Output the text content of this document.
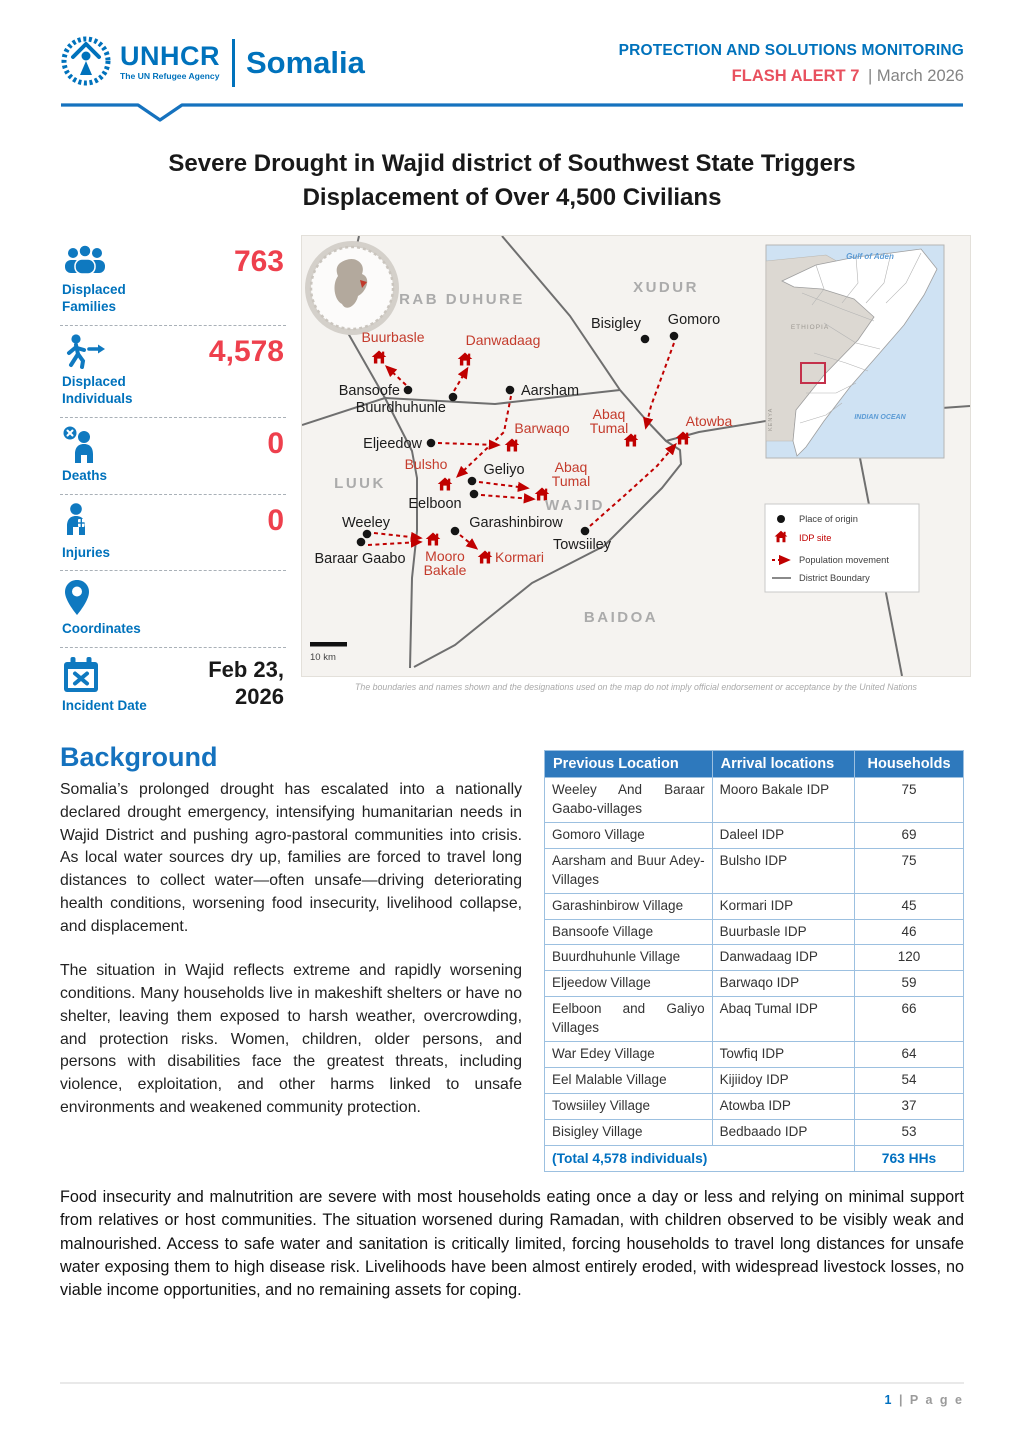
UNHCR
The UN Refugee Agency Somalia	PROTECTION AND SOLUTIONS MONITORING
FLASH ALERT 7 | March 2026
Severe Drought in Wajid district of Southwest State Triggers
Displacement of Over 4,500 Civilians
Displaced Families
763
Displaced Individuals
4,578
Deaths
0
Injuries
0
Coordinates
Incident Date
Feb 23, 2026
Bansoofe
Buurdhuhunle
Aarsham
Bisigley Gomoro
Eljeedow
Geliyo
Eelboon
Weeley
Baraar Gaabo
Garashinbirow
Towsiiley
Buurbasle	Danwadaag
Barwaqo
Abaq
Tumal	Atowba
Bulsho	Abaq
Tumal
Mooro
Bakale
Kormari
RAB DUHURE
XUDUR
LUUK
WAJID
BAIDOA
Gulf of Aden
ETHIOPIA
INDIAN OCEAN
KENYA
Place of origin
IDP site
Population movement
District Boundary
10 km
The boundaries and names shown and the designations used on the map do not imply official endorsement or acceptance by the United Nations
Background

Somalia’s prolonged drought has escalated into a nationally declared drought emergency, intensifying humanitarian needs in Wajid District and pushing agro-pastoral communities into crisis. As local water sources dry up, families are forced to travel long distances to collect water—often unsafe—driving deteriorating health conditions, worsening food insecurity, livelihood collapse, and displacement.

The situation in Wajid reflects extreme and rapidly worsening conditions. Many households live in makeshift shelters or have no shelter, leaving them exposed to harsh weather, overcrowding, and protection risks. Women, children, older persons, and persons with disabilities face the greatest threats, including violence, exploitation, and other harms linked to unsafe environments and weakened community protection.

Previous Location	Arrival locations	Households
Weeley And Baraar Gaabo-villages	Mooro Bakale IDP	75
Gomoro Village	Daleel IDP	69
Aarsham and Buur Adey-Villages	Bulsho IDP	75
Garashinbirow Village	Kormari IDP	45
Bansoofe Village	Buurbasle IDP	46
Buurdhuhunle Village	Danwadaag IDP	120
Eljeedow Village	Barwaqo IDP	59
Eelboon and Galiyo Villages	Abaq Tumal IDP	66
War Edey Village	Towfiq IDP	64
Eel Malable Village	Kijiidoy IDP	54
Towsiiley Village	Atowba IDP	37
Bisigley Village	Bedbaado IDP	53
(Total 4,578 individuals)		763 HHs

Food insecurity and malnutrition are severe with most households eating once a day or less and relying on minimal support from relatives or host communities. The situation worsened during Ramadan, with children observed to be visibly weak and malnourished. Access to safe water and sanitation is critically limited, forcing households to travel long distances for unsafe water exposing them to high disease risk. Livelihoods have been almost entirely eroded, with widespread livestock losses, no viable income opportunities, and no remaining assets for coping.

1 | P a g e
